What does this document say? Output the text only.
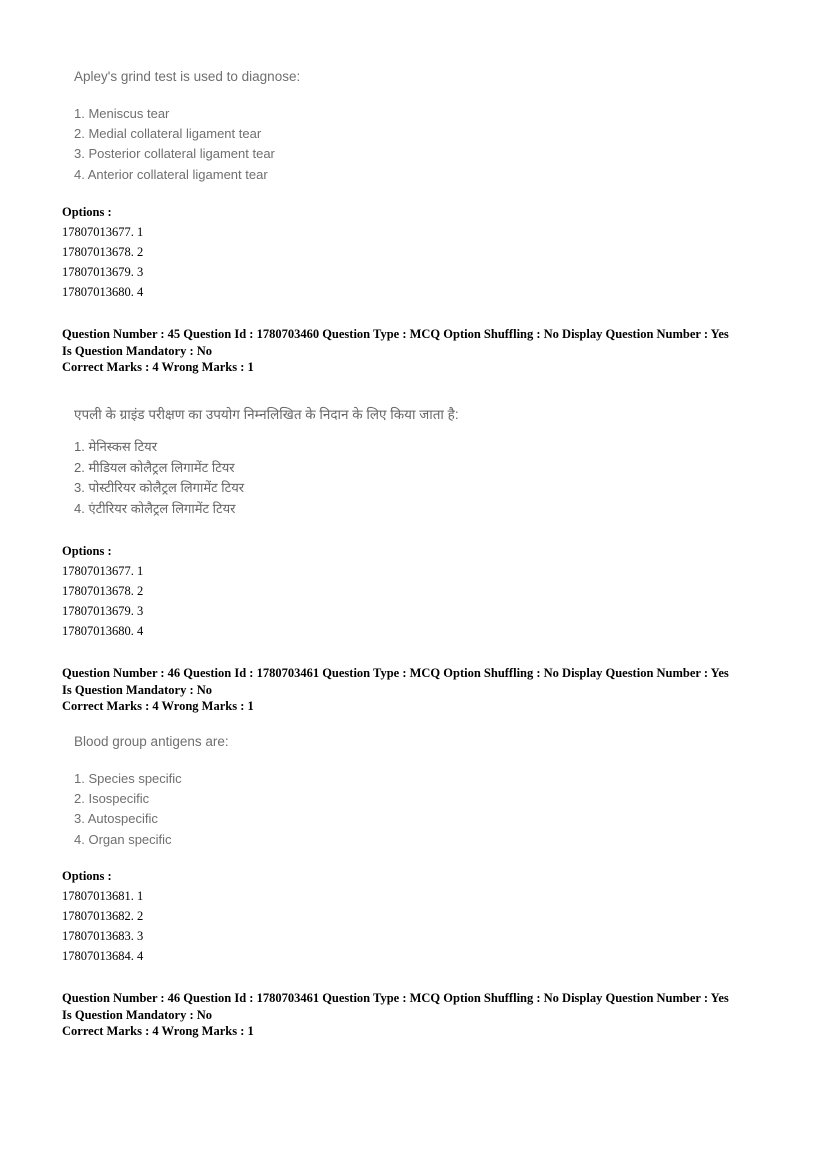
Apley's grind test is used to diagnose:

1. Meniscus tear
2. Medial collateral ligament tear
3. Posterior collateral ligament tear
4. Anterior collateral ligament tear
Options :
17807013677. 1
17807013678. 2
17807013679. 3
17807013680. 4
Question Number : 45 Question Id : 1780703460 Question Type : MCQ Option Shuffling : No Display Question Number : Yes
Is Question Mandatory : No
Correct Marks : 4 Wrong Marks : 1

एपली के ग्राइंड परीक्षण का उपयोग निम्नलिखित के निदान के लिए किया जाता है:

1. मेनिस्कस टियर
2. मीडियल कोलैट्रल लिगामेंट टियर
3. पोस्टीरियर कोलैट्रल लिगामेंट टियर
4. एंटीरियर कोलैट्रल लिगामेंट टियर
Options :
17807013677. 1
17807013678. 2
17807013679. 3
17807013680. 4
Question Number : 46 Question Id : 1780703461 Question Type : MCQ Option Shuffling : No Display Question Number : Yes
Is Question Mandatory : No
Correct Marks : 4 Wrong Marks : 1

Blood group antigens are:

1. Species specific
2. Isospecific
3. Autospecific
4. Organ specific
Options :
17807013681. 1
17807013682. 2
17807013683. 3
17807013684. 4
Question Number : 46 Question Id : 1780703461 Question Type : MCQ Option Shuffling : No Display Question Number : Yes
Is Question Mandatory : No
Correct Marks : 4 Wrong Marks : 1
